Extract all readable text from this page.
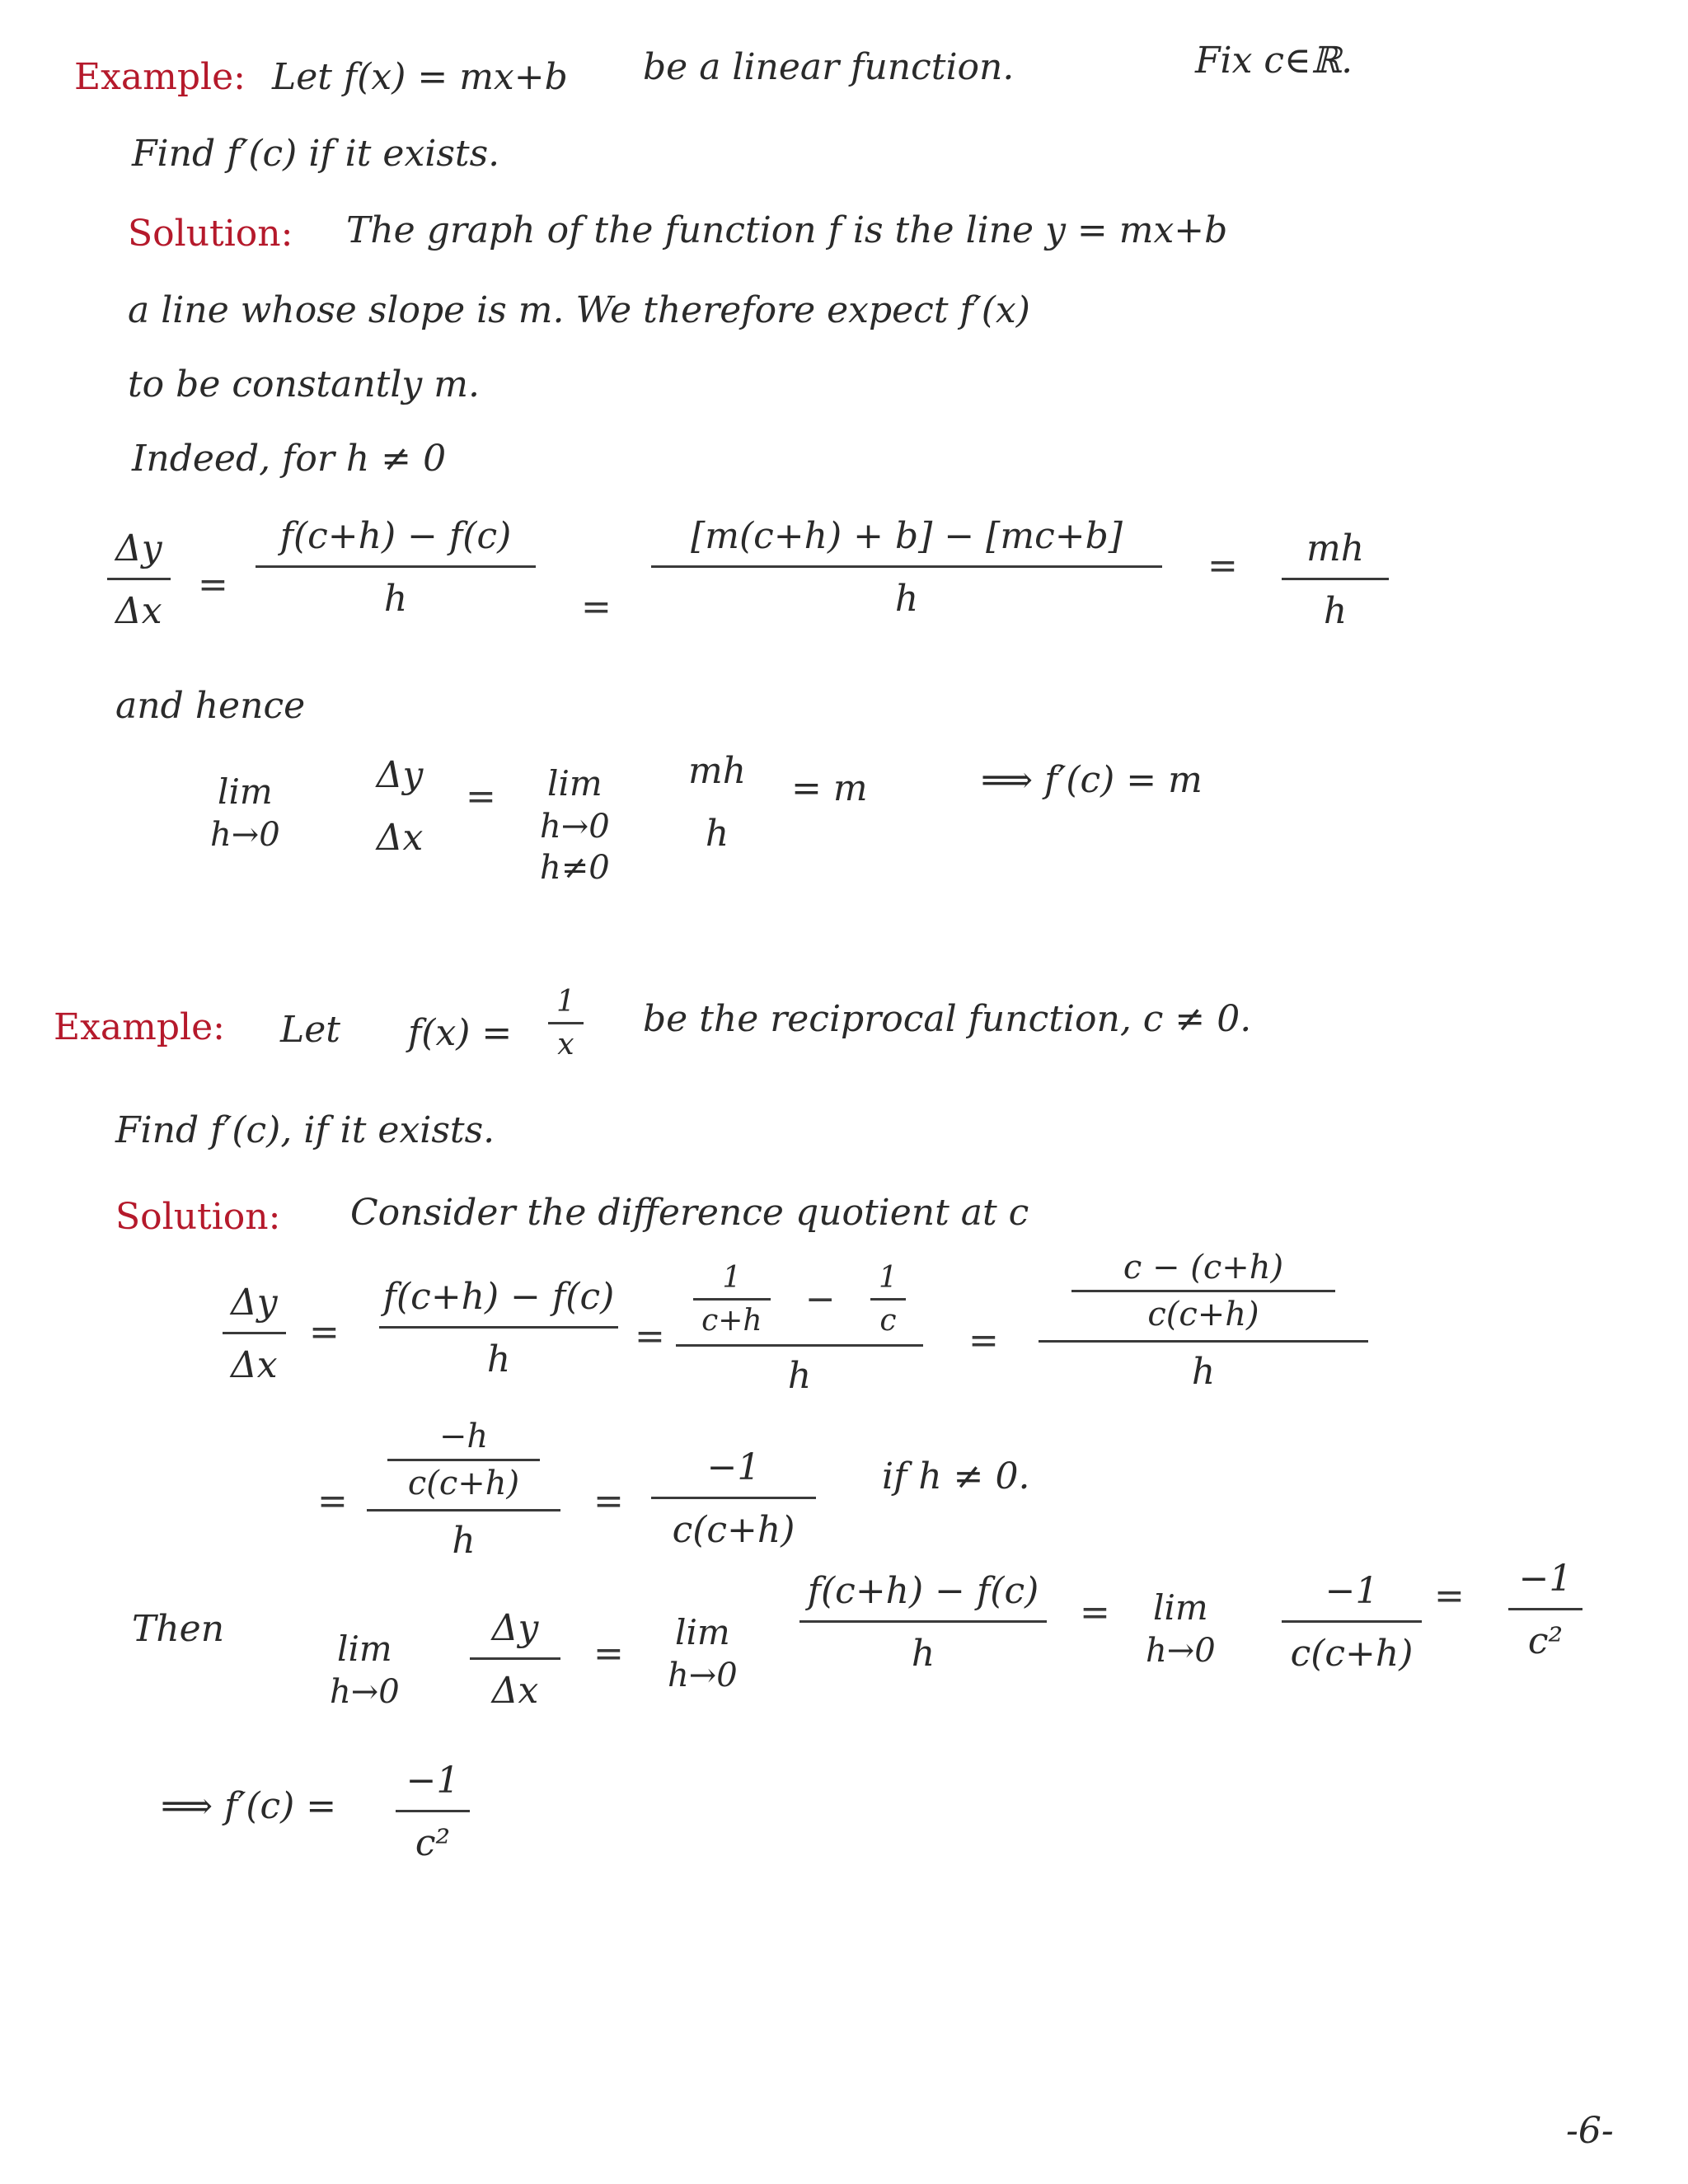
Example: Let f(x) = mx+b be a linear function.	Fix c∈ℝ.
Find f′(c) if it exists.
Solution: The graph of the function f is the line y = mx+b
a line whose slope is m. We therefore expect f′(x)
to be constantly m.
Indeed, for h ≠ 0
Δy
Δx
=
f(c+h) − f(c)
h	=
[m(c+h) + b] − [mc+b]
h
= mh
h
and hence
lim
h→0
Δy
Δx
= lim
h→0
h≠0
mh
h
= m	⟹ f′(c) = m
Example: Let f(x) =
1
x
be the reciprocal function, c ≠ 0.
Find f′(c), if it exists.
Solution: Consider the difference quotient at c
Δy
Δx
=
f(c+h) − f(c)
h
= $\frac{1}{c+h} - \frac{1}{c}$
h
=
c − (c+h)
c(c+h)
h
=
−h
c(c+h)
h
=
−1
c(c+h)
if h ≠ 0.
Then	lim
h→0
Δy
Δx
=
lim
h→0
f(c+h) − f(c)
h
= lim
h→0
−1
c(c+h)
= −1
c²
⟹ f′(c) =
−1
c²
-6-
